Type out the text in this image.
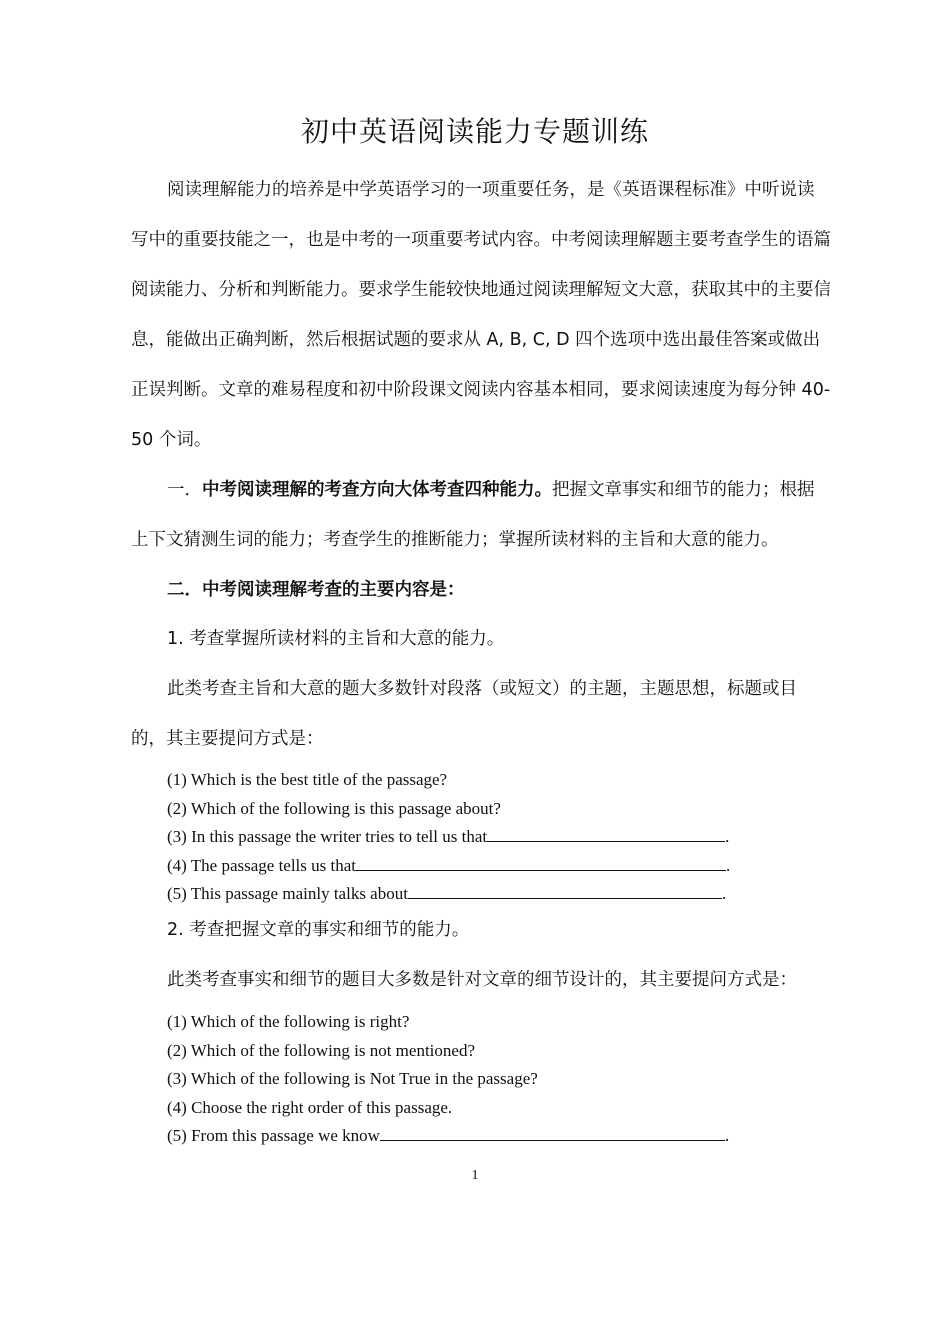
初中英语阅读能力专题训练
阅读理解能力的培养是中学英语学习的一项重要任务，是《英语课程标准》中听说读写中的重要技能之一，也是中考的一项重要考试内容。中考阅读理解题主要考查学生的语篇阅读能力、分析和判断能力。要求学生能较快地通过阅读理解短文大意，获取其中的主要信息，能做出正确判断，然后根据试题的要求从 A, B, C, D 四个选项中选出最佳答案或做出正误判断。文章的难易程度和初中阶段课文阅读内容基本相同，要求阅读速度为每分钟 40-50 个词。
一．中考阅读理解的考查方向大体考查四种能力。把握文章事实和细节的能力；根据上下文猜测生词的能力；考查学生的推断能力；掌握所读材料的主旨和大意的能力。
二．中考阅读理解考查的主要内容是：
1. 考查掌握所读材料的主旨和大意的能力。
此类考查主旨和大意的题大多数针对段落（或短文）的主题，主题思想，标题或目的，其主要提问方式是：
(1) Which is the best title of the passage?
(2) Which of the following is this passage about?
(3) In this passage the writer tries to tell us that	.
(4) The passage tells us that	.
(5) This passage mainly talks about	.
2. 考查把握文章的事实和细节的能力。
此类考查事实和细节的题目大多数是针对文章的细节设计的，其主要提问方式是：
(1) Which of the following is right?
(2) Which of the following is not mentioned?
(3) Which of the following is Not True in the passage?
(4) Choose the right order of this passage.
(5) From this passage we know	.
1
